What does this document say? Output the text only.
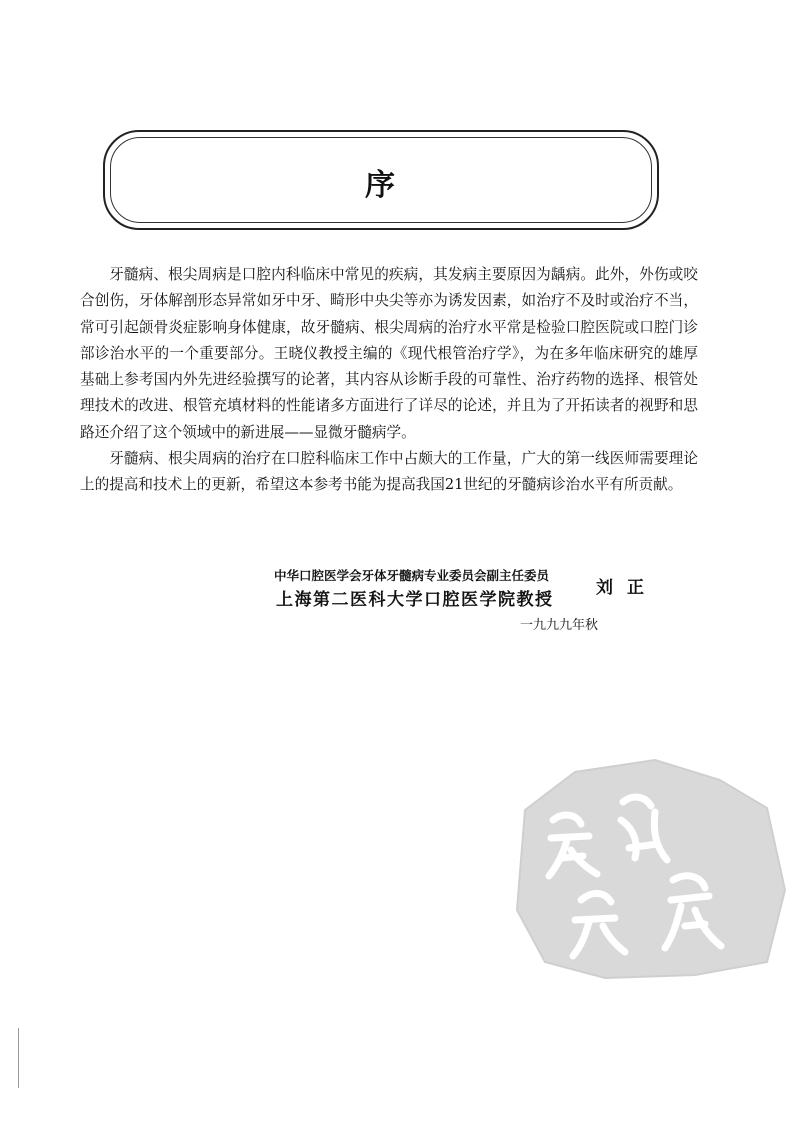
序

牙髓病、根尖周病是口腔内科临床中常见的疾病，其发病主要原因为龋病。此外，外伤或咬合创伤，牙体解剖形态异常如牙中牙、畸形中央尖等亦为诱发因素，如治疗不及时或治疗不当，常可引起颌骨炎症影响身体健康，故牙髓病、根尖周病的治疗水平常是检验口腔医院或口腔门诊部诊治水平的一个重要部分。王晓仪教授主编的《现代根管治疗学》，为在多年临床研究的雄厚基础上参考国内外先进经验撰写的论著，其内容从诊断手段的可靠性、治疗药物的选择、根管处理技术的改进、根管充填材料的性能诸多方面进行了详尽的论述，并且为了开拓读者的视野和思路还介绍了这个领域中的新进展——显微牙髓病学。

牙髓病、根尖周病的治疗在口腔科临床工作中占颇大的工作量，广大的第一线医师需要理论上的提高和技术上的更新，希望这本参考书能为提高我国21世纪的牙髓病诊治水平有所贡献。

中华口腔医学会牙体牙髓病专业委员会副主任委员
上海第二医科大学口腔医学院教授
刘正
一九九九年秋
